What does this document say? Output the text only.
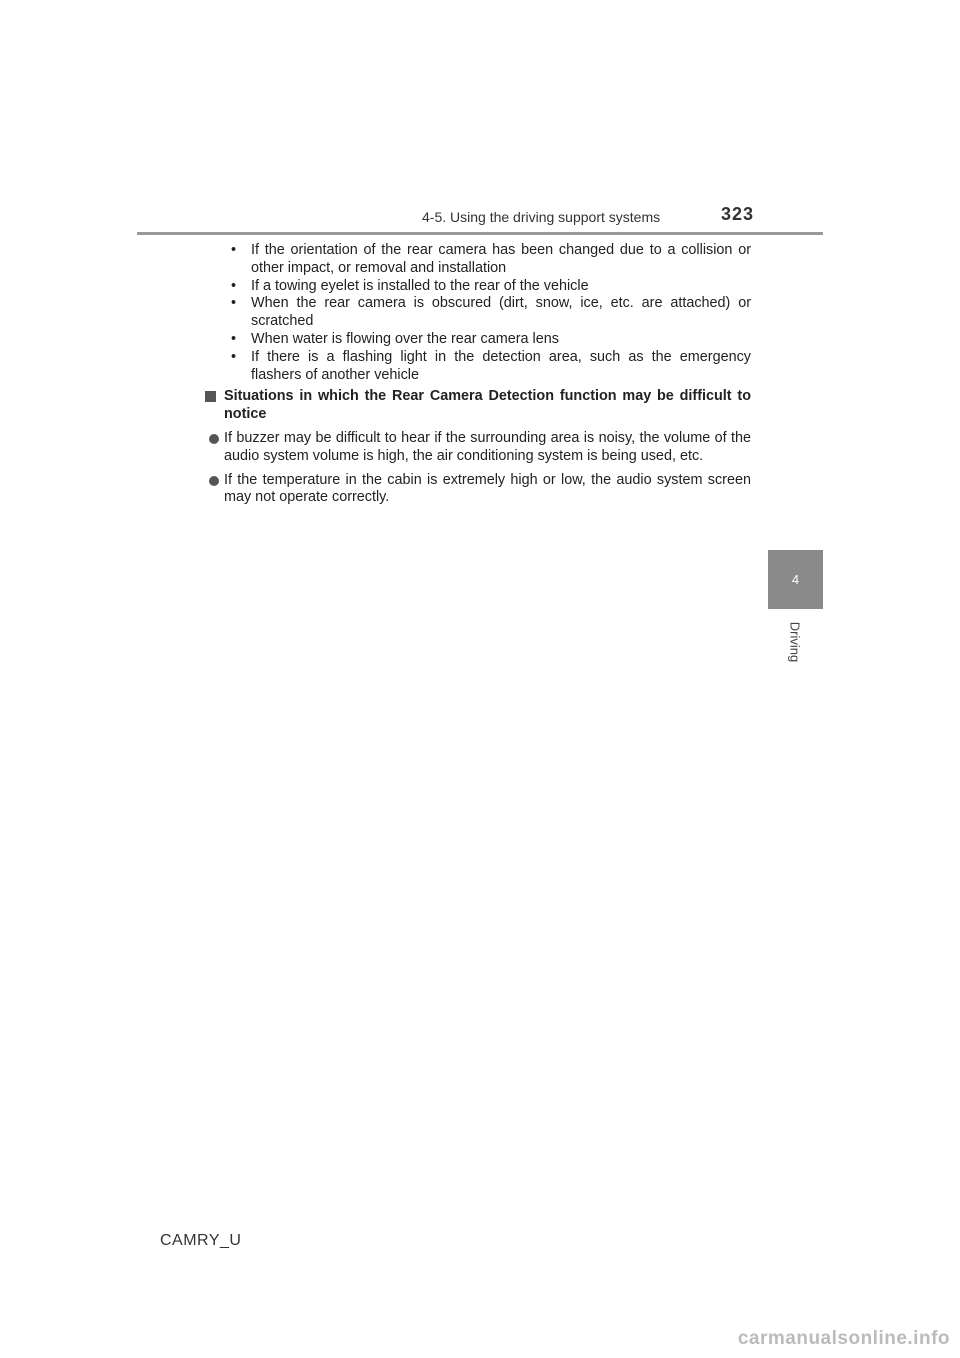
4-5. Using the driving support systems	323
4
Driving
• If the orientation of the rear camera has been changed due to a collision or other impact, or removal and installation
• If a towing eyelet is installed to the rear of the vehicle
• When the rear camera is obscured (dirt, snow, ice, etc. are attached) or scratched
• When water is flowing over the rear camera lens
• If there is a flashing light in the detection area, such as the emergency flashers of another vehicle
Situations in which the Rear Camera Detection function may be difficult to notice
If buzzer may be difficult to hear if the surrounding area is noisy, the volume of the audio system volume is high, the air conditioning system is being used, etc.
If the temperature in the cabin is extremely high or low, the audio system screen may not operate correctly.
CAMRY_U
carmanualsonline.info
